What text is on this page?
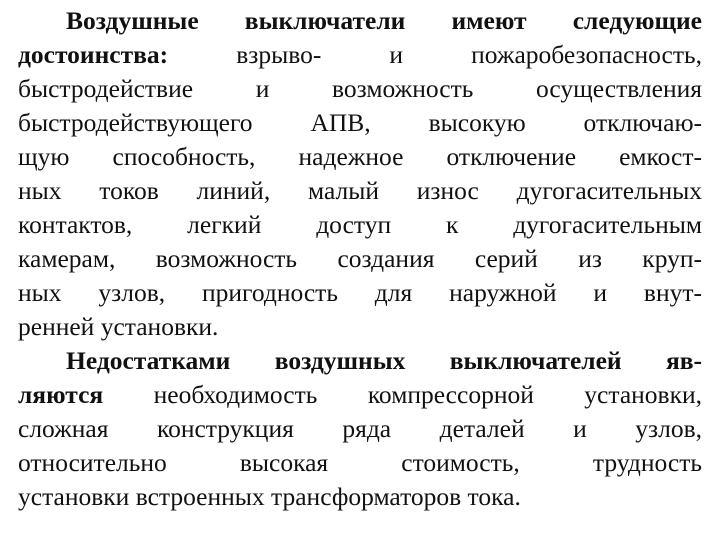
Воздушные выключатели имеют следующие
достоинства: взрыво- и пожаробезопасность,
быстродействие и возможность осуществления
быстродействующего АПВ, высокую отключаю-
щую способность, надежное отключение емкост-
ных токов линий, малый износ дугогасительных
контактов, легкий доступ к дугогасительным
камерам, возможность создания серий из круп-
ных узлов, пригодность для наружной и внут-
ренней установки.
Недостатками воздушных выключателей яв-
ляются необходимость компрессорной установки,
сложная конструкция ряда деталей и узлов,
относительно высокая стоимость, трудность
установки встроенных трансформаторов тока.
